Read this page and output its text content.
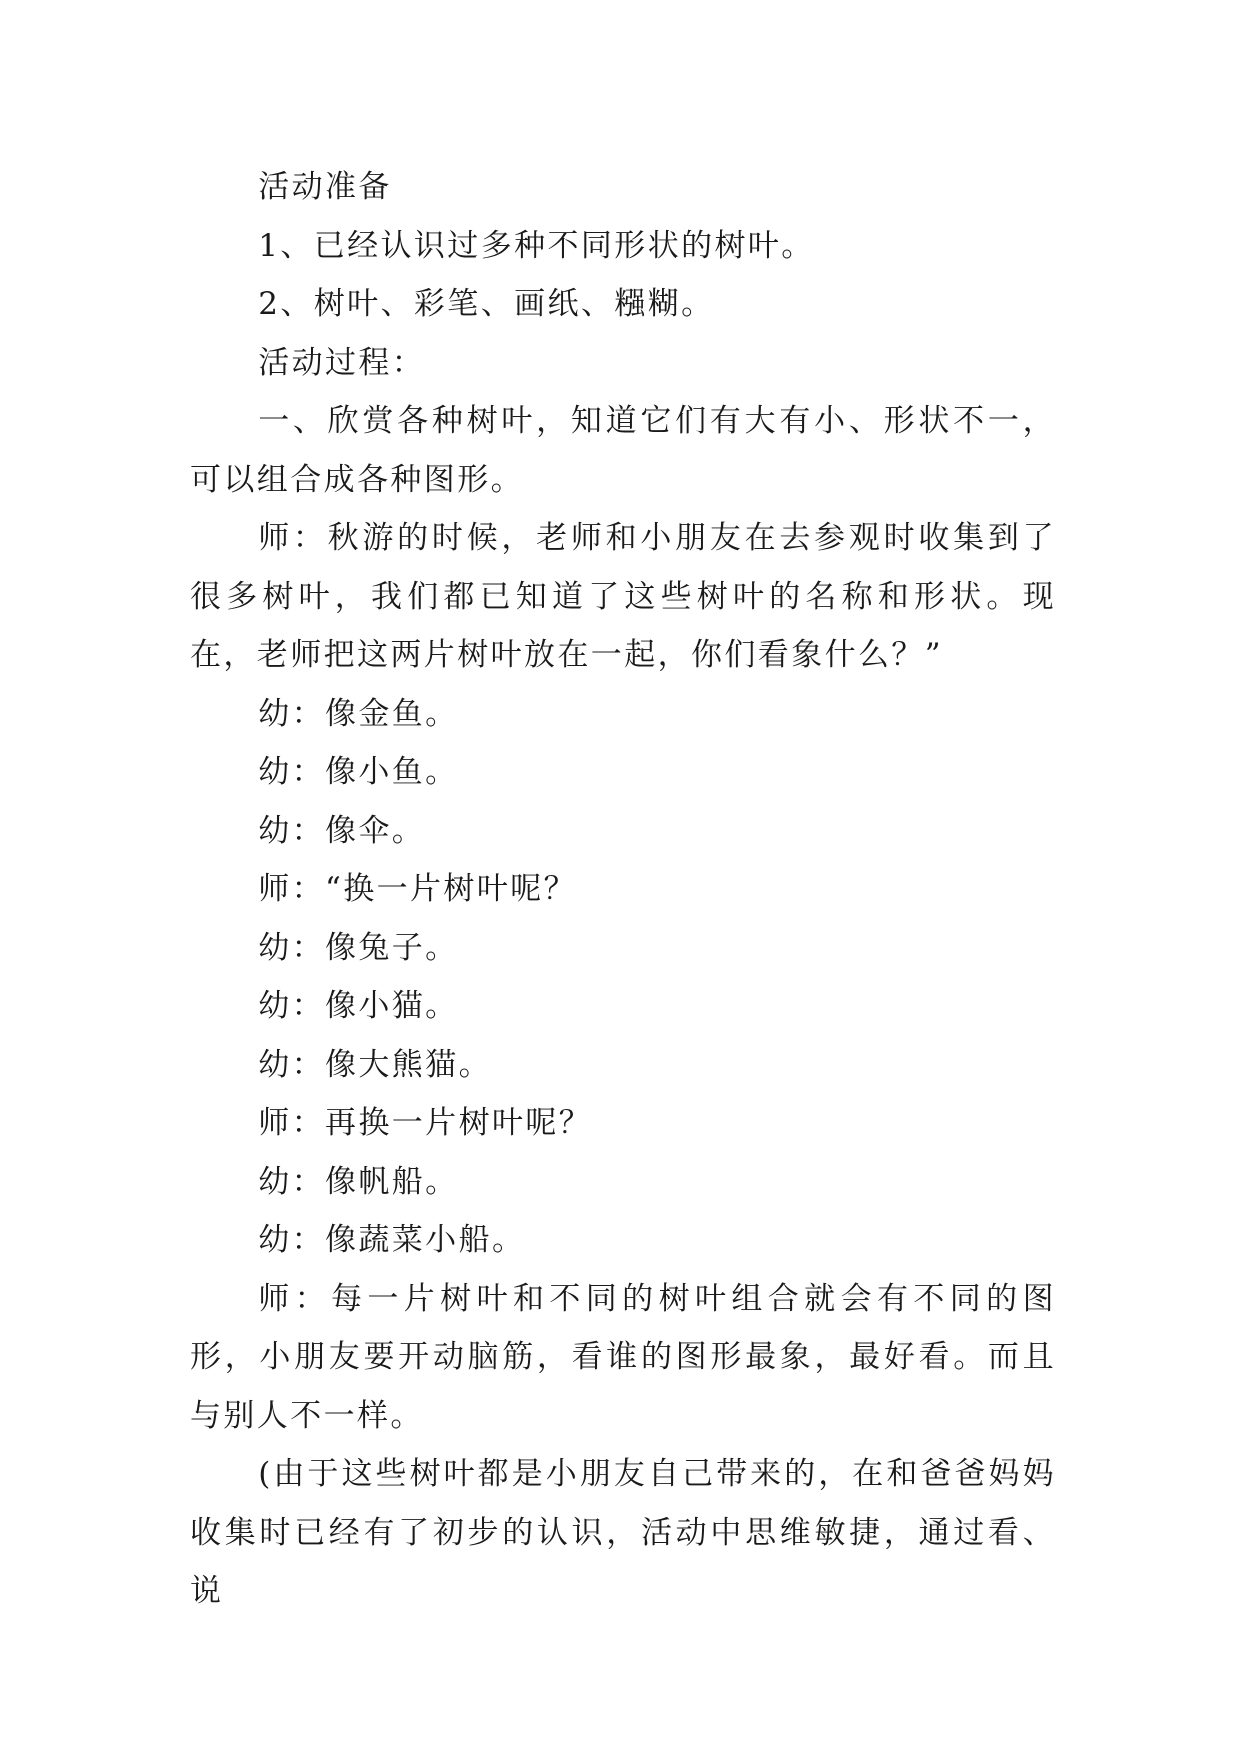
活动准备

1、已经认识过多种不同形状的树叶。

2、树叶、彩笔、画纸、糨糊。

活动过程：

一、欣赏各种树叶，知道它们有大有小、形状不一，可以组合成各种图形。

师：秋游的时候，老师和小朋友在去参观时收集到了很多树叶，我们都已知道了这些树叶的名称和形状。现在，老师把这两片树叶放在一起，你们看象什么？”

幼：像金鱼。

幼：像小鱼。

幼：像伞。

师：“换一片树叶呢？

幼：像兔子。

幼：像小猫。

幼：像大熊猫。

师：再换一片树叶呢？

幼：像帆船。

幼：像蔬菜小船。

师：每一片树叶和不同的树叶组合就会有不同的图形，小朋友要开动脑筋，看谁的图形最象，最好看。而且与别人不一样。

(由于这些树叶都是小朋友自己带来的，在和爸爸妈妈收集时已经有了初步的认识，活动中思维敏捷，通过看、说
